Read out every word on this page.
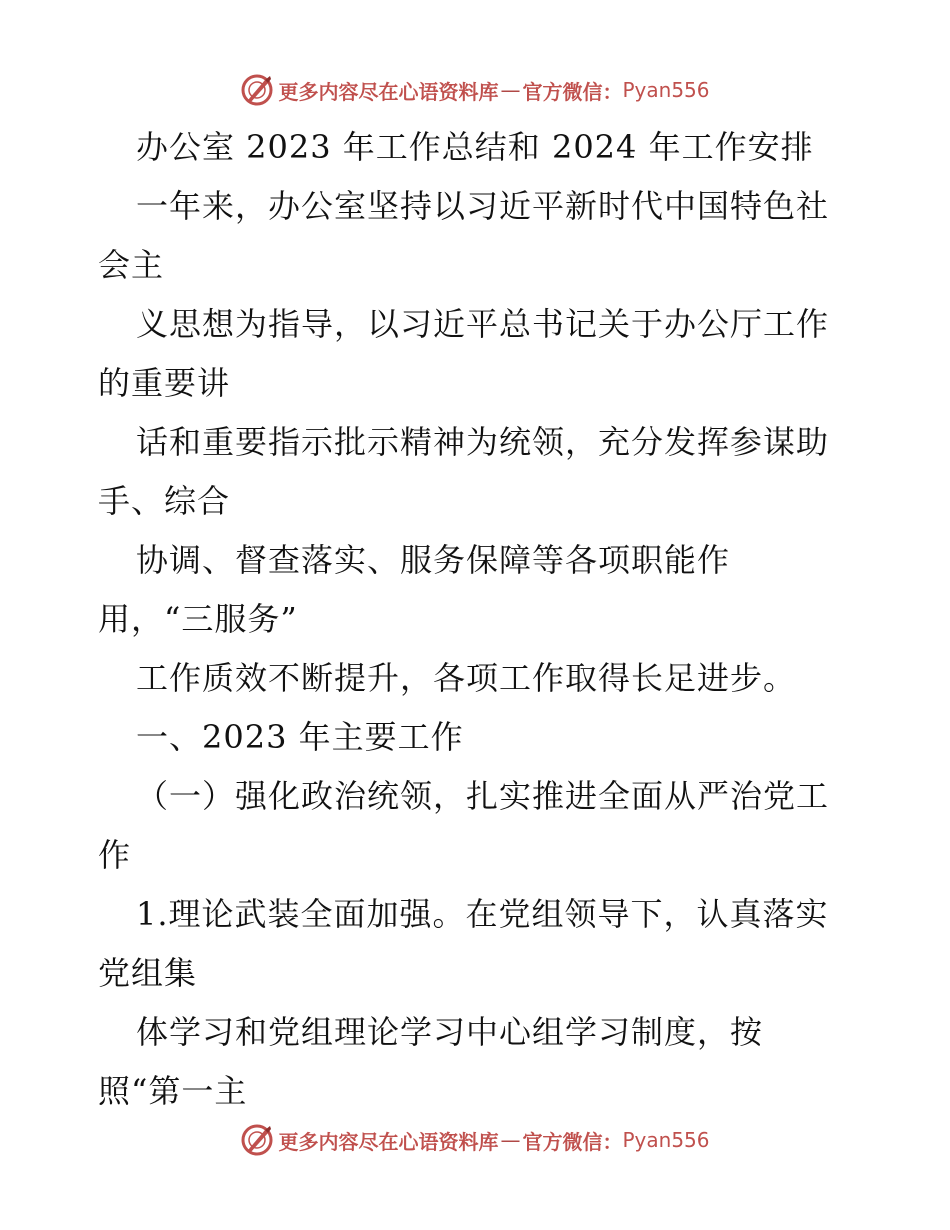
更多内容尽在心语资料库 — 官方微信： Pyan556
办公室 2023 年工作总结和 2024 年工作安排
一年来，办公室坚持以习近平新时代中国特色社
会主
义思想为指导，以习近平总书记关于办公厅工作
的重要讲
话和重要指示批示精神为统领，充分发挥参谋助
手、综合
协调、督查落实、服务保障等各项职能作
用，“三服务”
工作质效不断提升，各项工作取得长足进步。
一、2023 年主要工作
（一）强化政治统领，扎实推进全面从严治党工
作
1.理论武装全面加强。在党组领导下，认真落实
党组集
体学习和党组理论学习中心组学习制度，按
照“第一主
更多内容尽在心语资料库 — 官方微信： Pyan556
